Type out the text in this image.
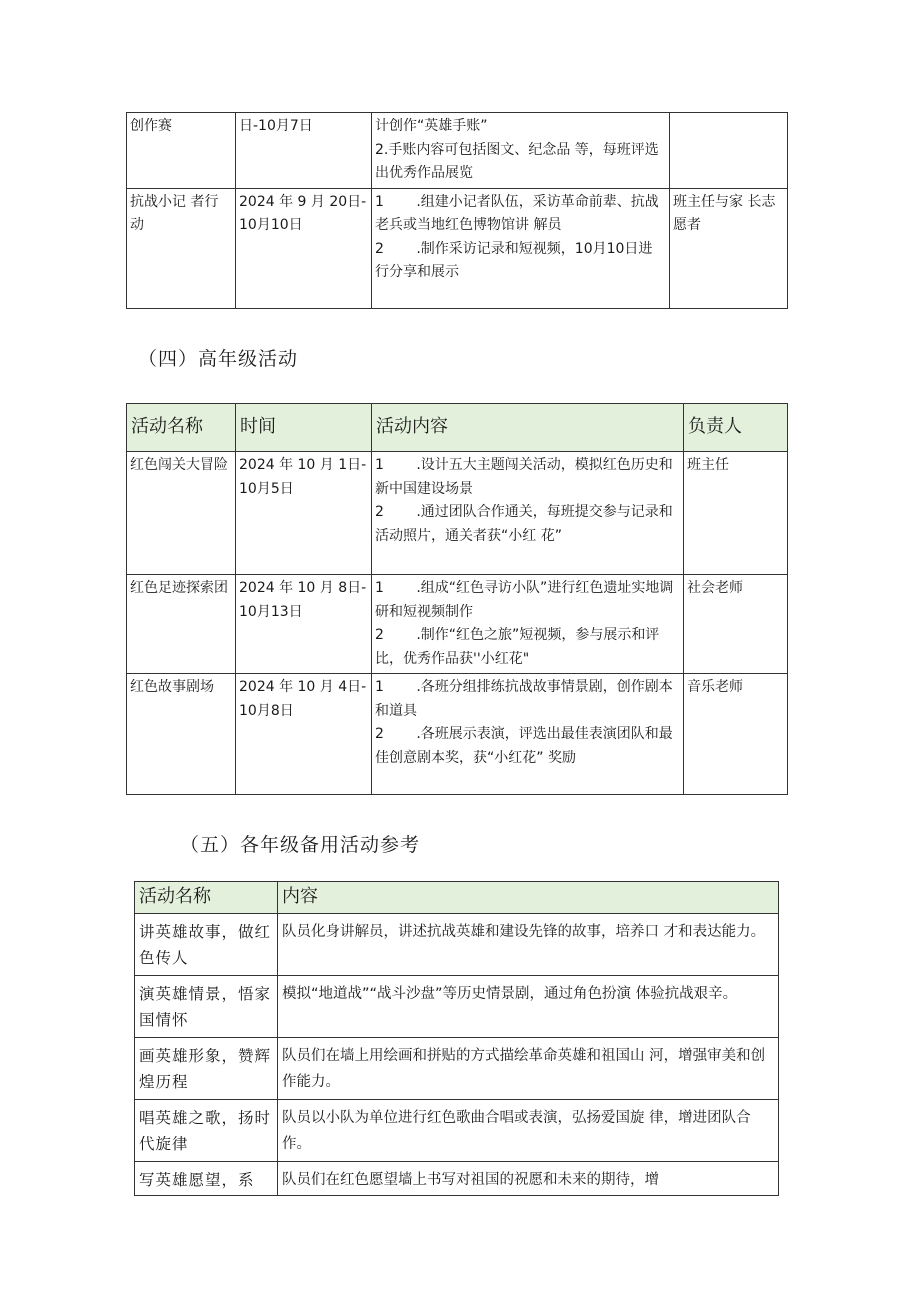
创作赛	日-10月7日	计创作“英雄手账”
2.手账内容可包括图文、纪念品 等，每班评选出优秀作品展览	

抗战小记 者行动	2024 年 9 月 20日-10月10日	1 　　.组建小记者队伍，采访革命前辈、抗战老兵或当地红色博物馆讲 解员
2 　　.制作采访记录和短视频，10月10日进行分享和展示	班主任与家 长志愿者
（四）高年级活动
活动名称	时间	活动内容	负责人
红色闯关大冒险	2024 年 10 月 1日-10月5日	1 　　.设计五大主题闯关活动，模拟红色历史和新中国建设场景
2 　　.通过团队合作通关，每班提交参与记录和活动照片，通关者获“小红 花”	班主任
红色足迹探索团	2024 年 10 月 8日-10月13日	1 　　.组成“红色寻访小队”进行红色遗址实地调研和短视频制作
2 　　.制作“红色之旅”短视频，参与展示和评比，优秀作品获''小红花"	社会老师
红色故事剧场	2024 年 10 月 4日-10月8日	1 　　.各班分组排练抗战故事情景剧，创作剧本和道具
2 　　.各班展示表演，评选出最佳表演团队和最佳创意剧本奖，获“小红花” 奖励	音乐老师
（五）各年级备用活动参考
活动名称	内容
讲英雄故事，做红色传人	队员化身讲解员，讲述抗战英雄和建设先锋的故事，培养口 才和表达能力。
演英雄情景，悟家国情怀	模拟“地道战”“战斗沙盘”等历史情景剧，通过角色扮演 体验抗战艰辛。
画英雄形象，赞辉煌历程	队员们在墙上用绘画和拼贴的方式描绘革命英雄和祖国山 河，增强审美和创作能力。
唱英雄之歌，扬时代旋律	队员以小队为单位进行红色歌曲合唱或表演，弘扬爱国旋 律，增进团队合作。
写英雄愿望，系	队员们在红色愿望墙上书写对祖国的祝愿和未来的期待，增
